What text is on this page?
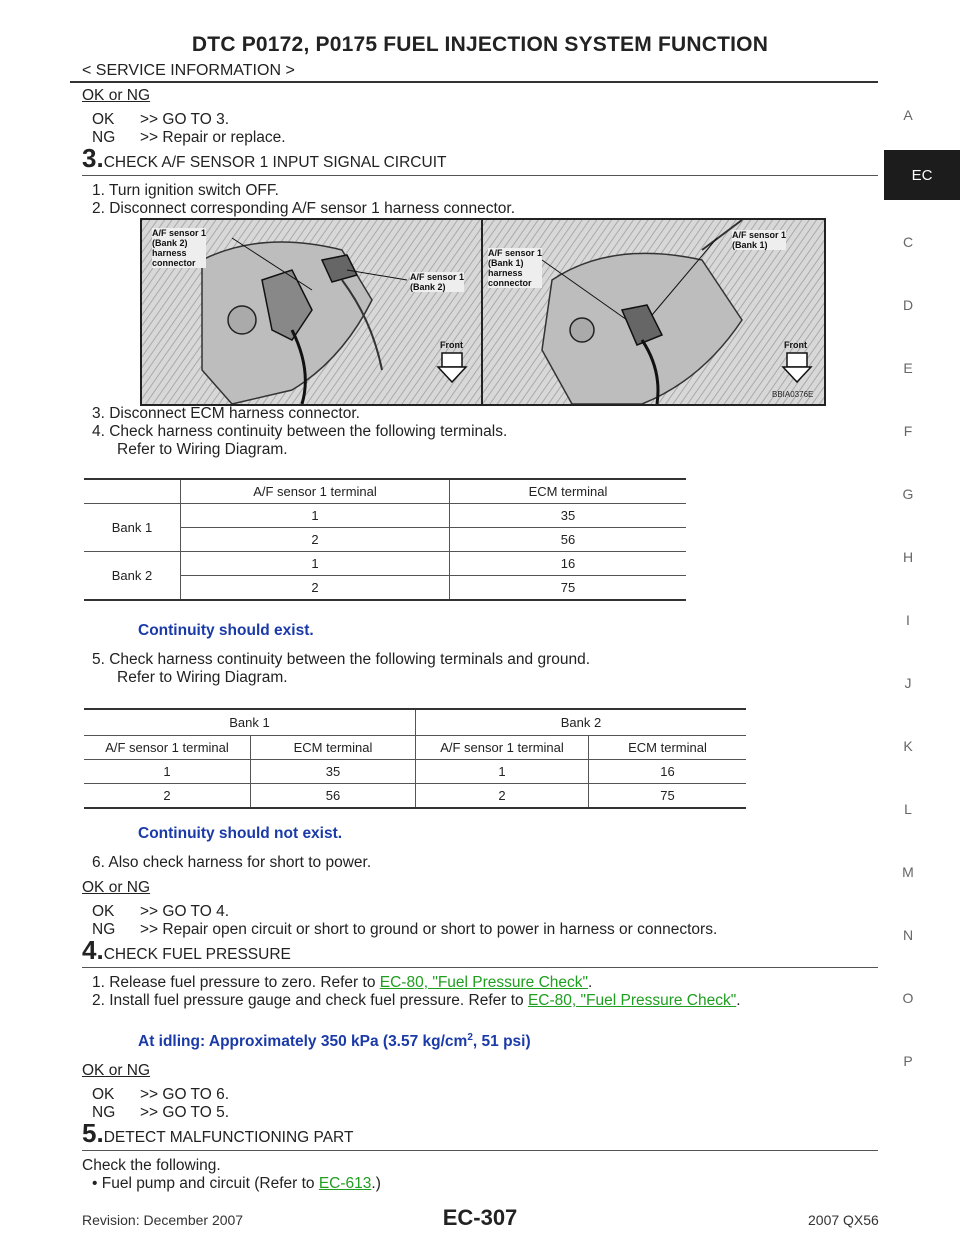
DTC P0172, P0175 FUEL INJECTION SYSTEM FUNCTION
< SERVICE INFORMATION >
A
EC
C
D
E
F
G
H
I
J
K
L
M
N
O
P
OK or NG
OK >> GO TO 3.
NG >> Repair or replace.
3.CHECK A/F SENSOR 1 INPUT SIGNAL CIRCUIT
1. Turn ignition switch OFF.
2. Disconnect corresponding A/F sensor 1 harness connector.
A/F sensor 1
(Bank 2)
harness
connector
A/F sensor 1
(Bank 2)
Front
A/F sensor 1
(Bank 1)
harness
connector
A/F sensor 1
(Bank 1)
Front
BBIA0376E
3. Disconnect ECM harness connector.
4. Check harness continuity between the following terminals.
Refer to Wiring Diagram.
	A/F sensor 1 terminal	ECM terminal
Bank 1	1	35
	2	56
Bank 2	1	16
	2	75
Continuity should exist.
5. Check harness continuity between the following terminals and ground.
Refer to Wiring Diagram.
Bank 1		Bank 2	
A/F sensor 1 terminal	ECM terminal	A/F sensor 1 terminal	ECM terminal
1	35	1	16
2	56	2	75
Continuity should not exist.
6. Also check harness for short to power.
OK or NG
OK >> GO TO 4.
NG >> Repair open circuit or short to ground or short to power in harness or connectors.
4.CHECK FUEL PRESSURE
1. Release fuel pressure to zero. Refer to EC-80, "Fuel Pressure Check".
2. Install fuel pressure gauge and check fuel pressure. Refer to EC-80, "Fuel Pressure Check".
At idling: Approximately 350 kPa (3.57 $kg/cm^2$, 51 psi)
OK or NG
OK >> GO TO 6.
NG >> GO TO 5.
5.DETECT MALFUNCTIONING PART
Check the following.
• Fuel pump and circuit (Refer to EC-613.)
Revision: December 2007	EC-307	2007 QX56
